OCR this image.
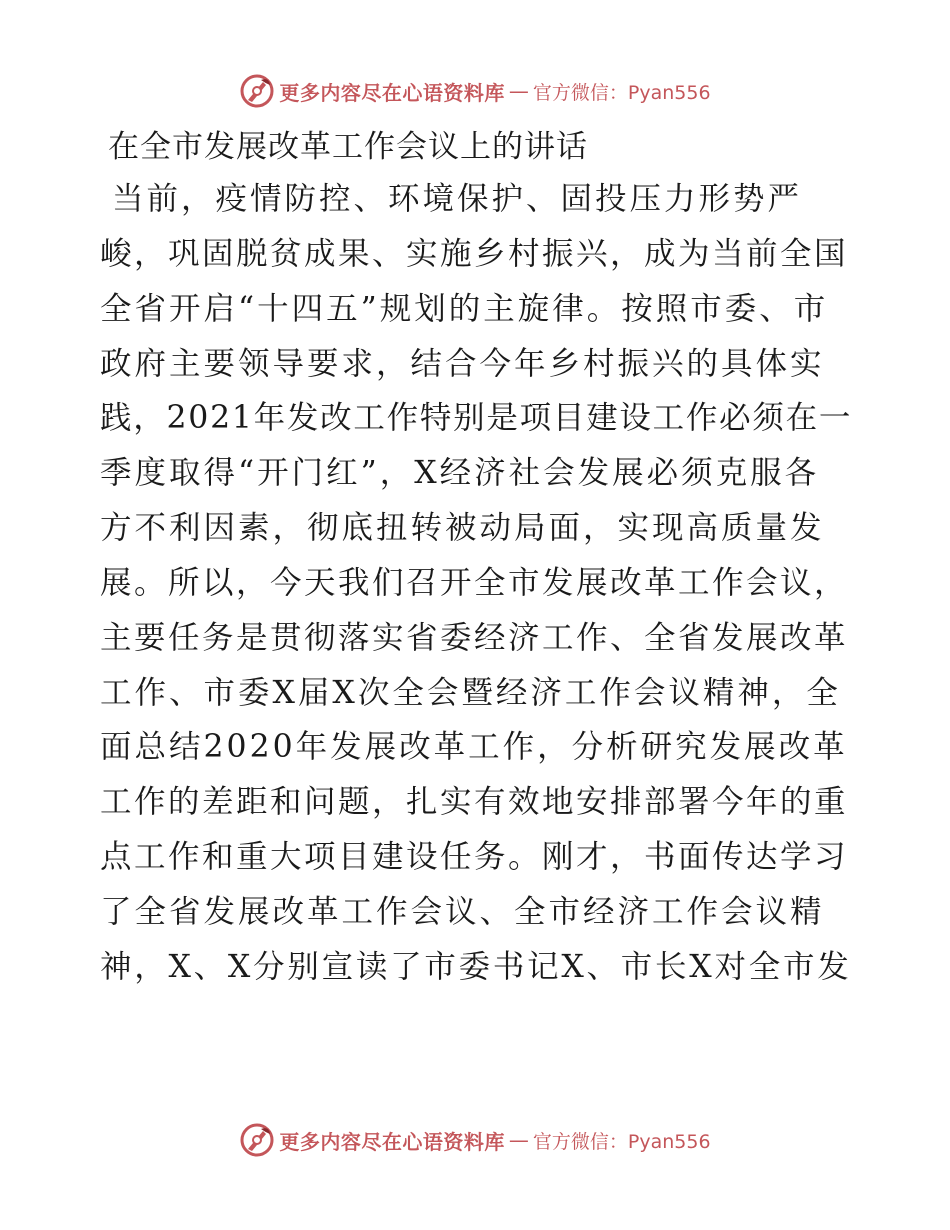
更多内容尽在心语资料库 — 官方微信：Pyan556
在全市发展改革工作会议上的讲话
当前，疫情防控、环境保护、固投压力形势严
峻，巩固脱贫成果、实施乡村振兴，成为当前全国
全省开启“十四五”规划的主旋律。按照市委、市
政府主要领导要求，结合今年乡村振兴的具体实
践，2021年发改工作特别是项目建设工作必须在一
季度取得“开门红”，X经济社会发展必须克服各
方不利因素，彻底扭转被动局面，实现高质量发
展。所以，今天我们召开全市发展改革工作会议，
主要任务是贯彻落实省委经济工作、全省发展改革
工作、市委X届X次全会暨经济工作会议精神，全
面总结2020年发展改革工作，分析研究发展改革
工作的差距和问题，扎实有效地安排部署今年的重
点工作和重大项目建设任务。刚才，书面传达学习
了全省发展改革工作会议、全市经济工作会议精
神，X、X分别宣读了市委书记X、市长X对全市发
更多内容尽在心语资料库 — 官方微信：Pyan556
